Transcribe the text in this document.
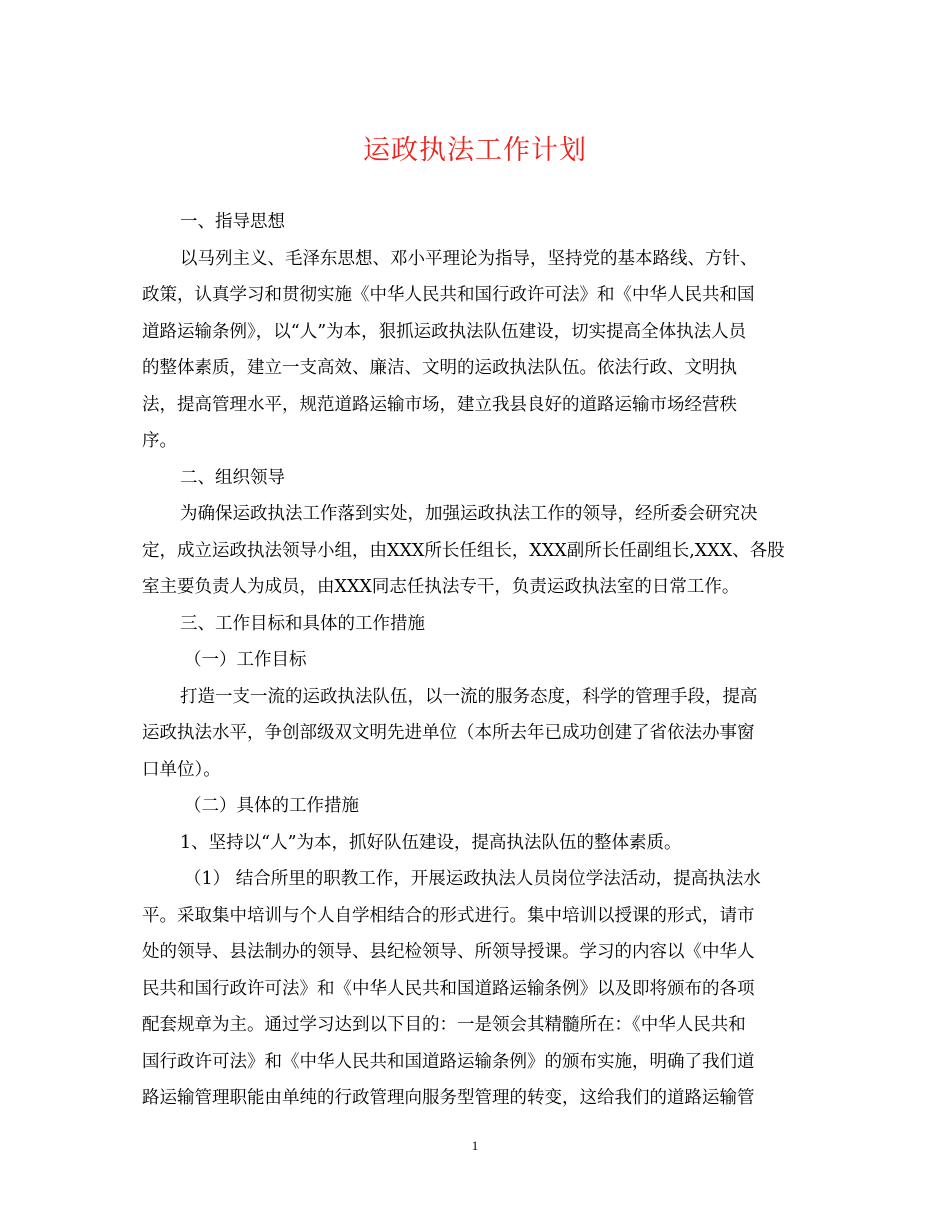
运政执法工作计划
一、指导思想
以马列主义、毛泽东思想、邓小平理论为指导，坚持党的基本路线、方针、
政策，认真学习和贯彻实施《中华人民共和国行政许可法》和《中华人民共和国
道路运输条例》，以“人”为本，狠抓运政执法队伍建设，切实提高全体执法人员
的整体素质，建立一支高效、廉洁、文明的运政执法队伍。依法行政、文明执
法，提高管理水平，规范道路运输市场，建立我县良好的道路运输市场经营秩
序。
二、组织领导
为确保运政执法工作落到实处，加强运政执法工作的领导，经所委会研究决
定，成立运政执法领导小组，由XXX所长任组长，XXX副所长任副组长,XXX、各股
室主要负责人为成员，由XXX同志任执法专干，负责运政执法室的日常工作。
三、工作目标和具体的工作措施
（一）工作目标
打造一支一流的运政执法队伍，以一流的服务态度，科学的管理手段，提高
运政执法水平，争创部级双文明先进单位（本所去年已成功创建了省依法办事窗
口单位）。
（二）具体的工作措施
1、坚持以“人”为本，抓好队伍建设，提高执法队伍的整体素质。
（1） 结合所里的职教工作，开展运政执法人员岗位学法活动，提高执法水
平。采取集中培训与个人自学相结合的形式进行。集中培训以授课的形式，请市
处的领导、县法制办的领导、县纪检领导、所领导授课。学习的内容以《中华人
民共和国行政许可法》和《中华人民共和国道路运输条例》以及即将颁布的各项
配套规章为主。通过学习达到以下目的：一是领会其精髓所在：《中华人民共和
国行政许可法》和《中华人民共和国道路运输条例》的颁布实施，明确了我们道
路运输管理职能由单纯的行政管理向服务型管理的转变，这给我们的道路运输管
1
